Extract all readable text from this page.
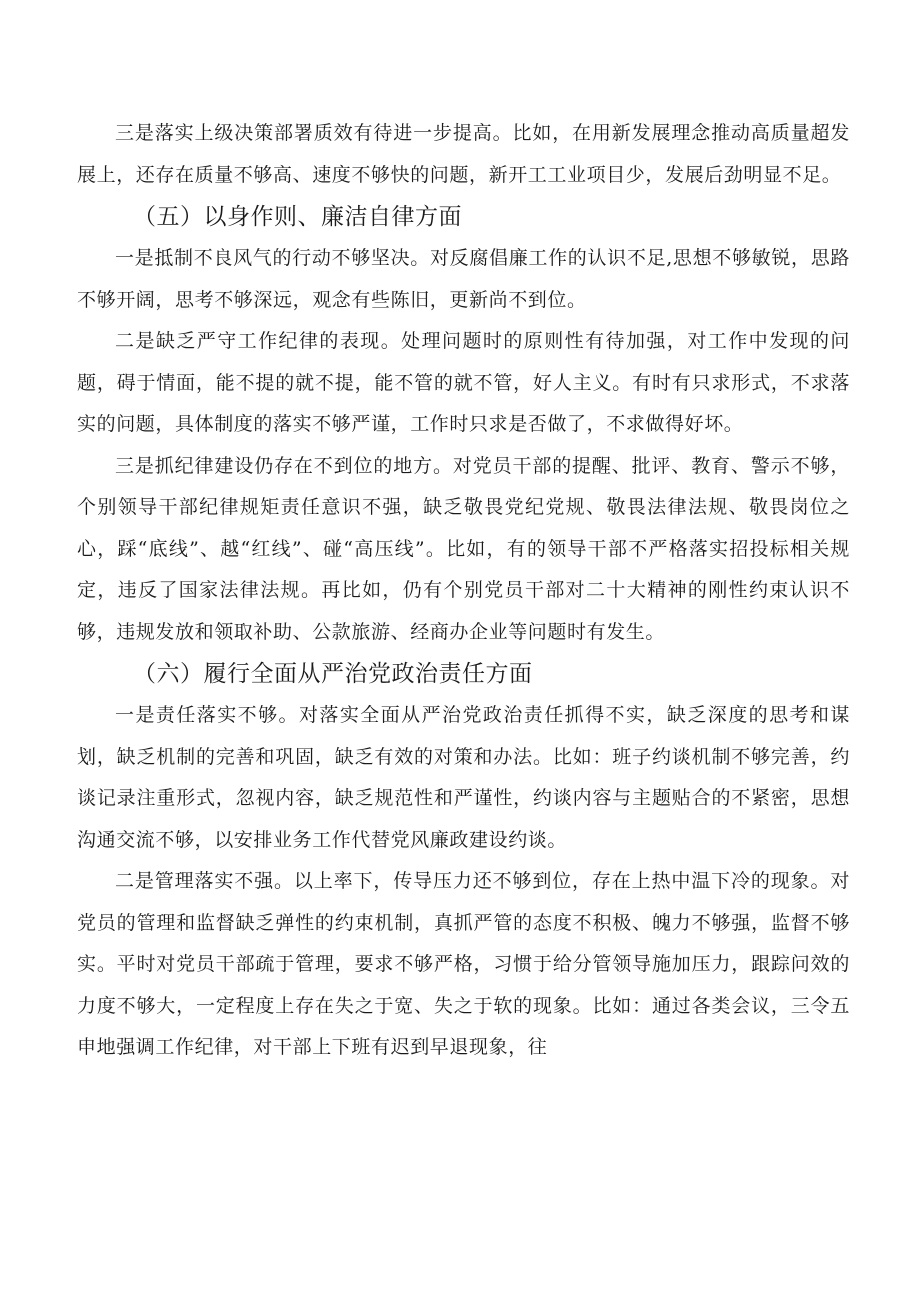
三是落实上级决策部署质效有待进一步提高。比如，在用新发展理念推动高质量超发展上，还存在质量不够高、速度不够快的问题，新开工工业项目少，发展后劲明显不足。

（五）以身作则、廉洁自律方面

一是抵制不良风气的行动不够坚决。对反腐倡廉工作的认识不足,思想不够敏锐，思路不够开阔，思考不够深远，观念有些陈旧，更新尚不到位。

二是缺乏严守工作纪律的表现。处理问题时的原则性有待加强，对工作中发现的问题，碍于情面，能不提的就不提，能不管的就不管，好人主义。有时有只求形式，不求落实的问题，具体制度的落实不够严谨，工作时只求是否做了，不求做得好坏。

三是抓纪律建设仍存在不到位的地方。对党员干部的提醒、批评、教育、警示不够，个别领导干部纪律规矩责任意识不强，缺乏敬畏党纪党规、敬畏法律法规、敬畏岗位之心，踩“底线”、越“红线”、碰“高压线”。比如，有的领导干部不严格落实招投标相关规定，违反了国家法律法规。再比如，仍有个别党员干部对二十大精神的刚性约束认识不够，违规发放和领取补助、公款旅游、经商办企业等问题时有发生。

（六）履行全面从严治党政治责任方面

一是责任落实不够。对落实全面从严治党政治责任抓得不实，缺乏深度的思考和谋划，缺乏机制的完善和巩固，缺乏有效的对策和办法。比如：班子约谈机制不够完善，约谈记录注重形式，忽视内容，缺乏规范性和严谨性，约谈内容与主题贴合的不紧密，思想沟通交流不够，以安排业务工作代替党风廉政建设约谈。

二是管理落实不强。以上率下，传导压力还不够到位，存在上热中温下冷的现象。对党员的管理和监督缺乏弹性的约束机制，真抓严管的态度不积极、魄力不够强，监督不够实。平时对党员干部疏于管理，要求不够严格，习惯于给分管领导施加压力，跟踪问效的力度不够大，一定程度上存在失之于宽、失之于软的现象。比如：通过各类会议，三令五申地强调工作纪律，对干部上下班有迟到早退现象，往
